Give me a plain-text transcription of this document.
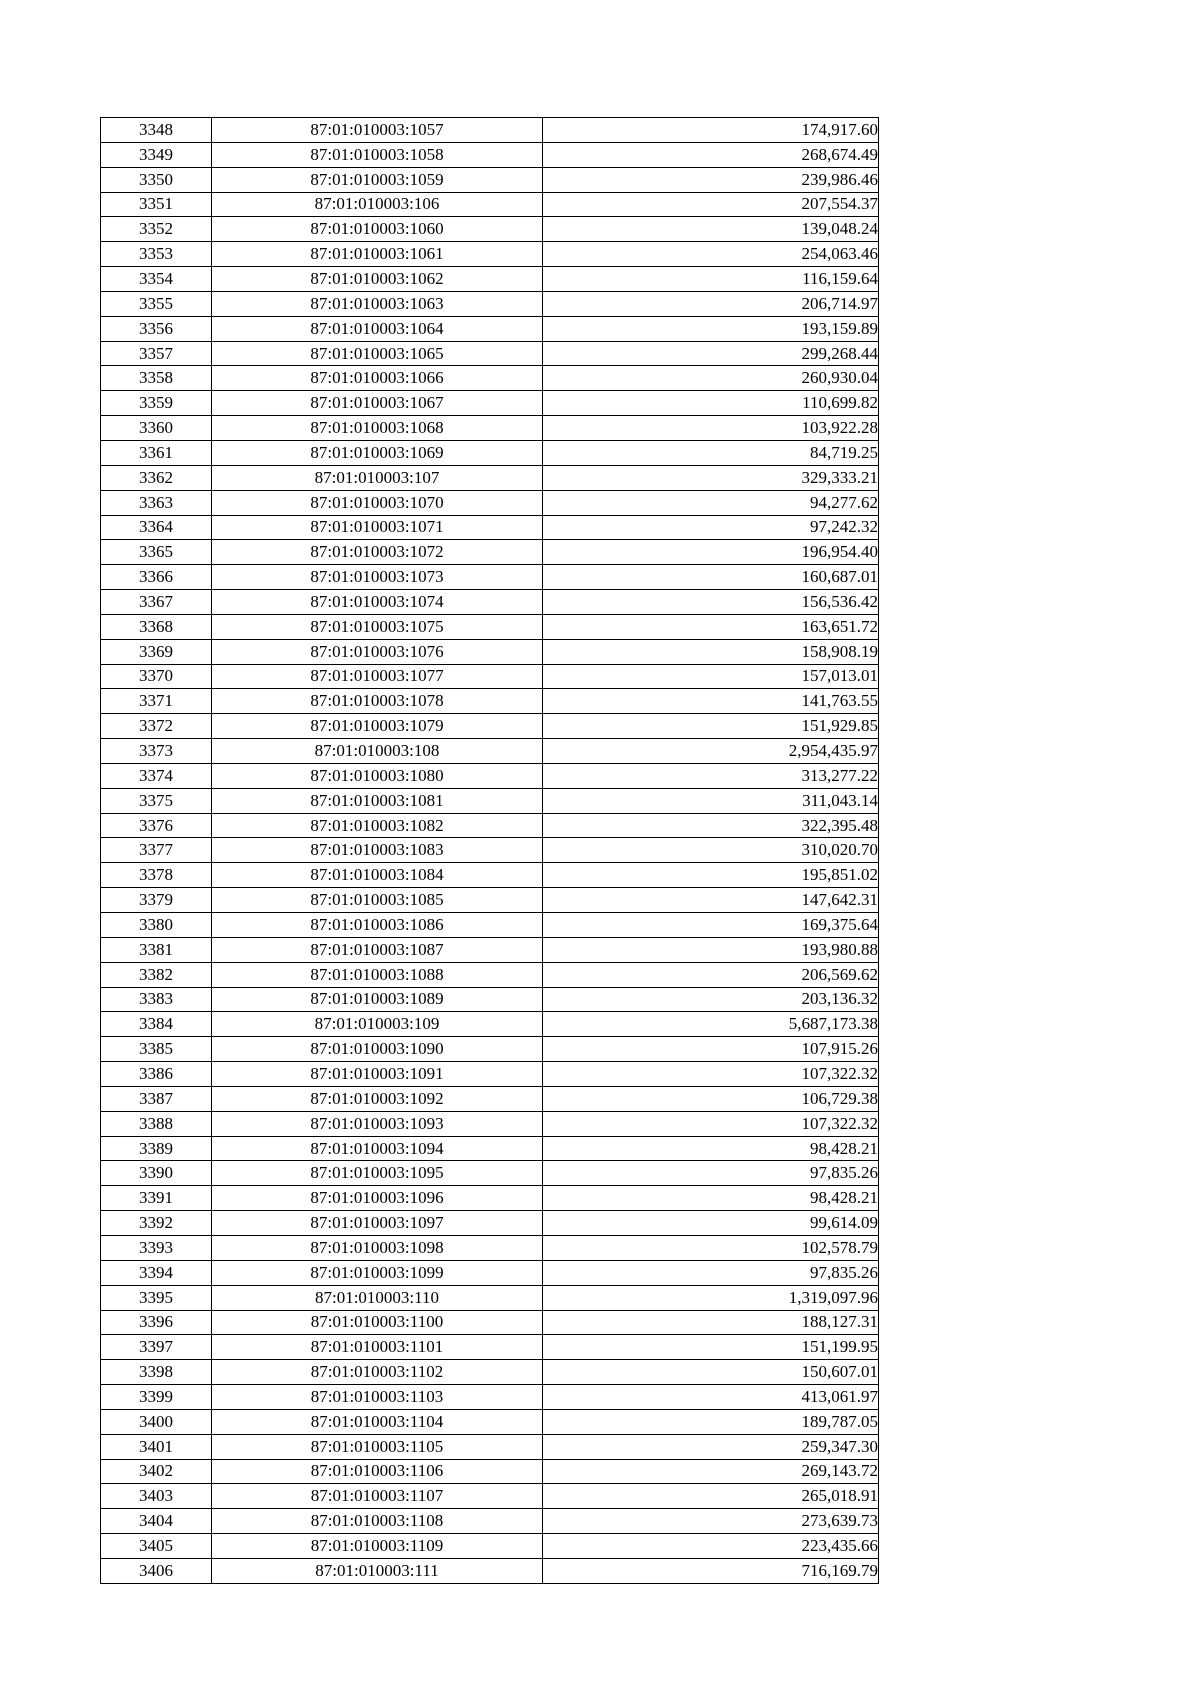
3348	87:01:010003:1057	174,917.60
3349	87:01:010003:1058	268,674.49
3350	87:01:010003:1059	239,986.46
3351	87:01:010003:106	207,554.37
3352	87:01:010003:1060	139,048.24
3353	87:01:010003:1061	254,063.46
3354	87:01:010003:1062	116,159.64
3355	87:01:010003:1063	206,714.97
3356	87:01:010003:1064	193,159.89
3357	87:01:010003:1065	299,268.44
3358	87:01:010003:1066	260,930.04
3359	87:01:010003:1067	110,699.82
3360	87:01:010003:1068	103,922.28
3361	87:01:010003:1069	84,719.25
3362	87:01:010003:107	329,333.21
3363	87:01:010003:1070	94,277.62
3364	87:01:010003:1071	97,242.32
3365	87:01:010003:1072	196,954.40
3366	87:01:010003:1073	160,687.01
3367	87:01:010003:1074	156,536.42
3368	87:01:010003:1075	163,651.72
3369	87:01:010003:1076	158,908.19
3370	87:01:010003:1077	157,013.01
3371	87:01:010003:1078	141,763.55
3372	87:01:010003:1079	151,929.85
3373	87:01:010003:108	2,954,435.97
3374	87:01:010003:1080	313,277.22
3375	87:01:010003:1081	311,043.14
3376	87:01:010003:1082	322,395.48
3377	87:01:010003:1083	310,020.70
3378	87:01:010003:1084	195,851.02
3379	87:01:010003:1085	147,642.31
3380	87:01:010003:1086	169,375.64
3381	87:01:010003:1087	193,980.88
3382	87:01:010003:1088	206,569.62
3383	87:01:010003:1089	203,136.32
3384	87:01:010003:109	5,687,173.38
3385	87:01:010003:1090	107,915.26
3386	87:01:010003:1091	107,322.32
3387	87:01:010003:1092	106,729.38
3388	87:01:010003:1093	107,322.32
3389	87:01:010003:1094	98,428.21
3390	87:01:010003:1095	97,835.26
3391	87:01:010003:1096	98,428.21
3392	87:01:010003:1097	99,614.09
3393	87:01:010003:1098	102,578.79
3394	87:01:010003:1099	97,835.26
3395	87:01:010003:110	1,319,097.96
3396	87:01:010003:1100	188,127.31
3397	87:01:010003:1101	151,199.95
3398	87:01:010003:1102	150,607.01
3399	87:01:010003:1103	413,061.97
3400	87:01:010003:1104	189,787.05
3401	87:01:010003:1105	259,347.30
3402	87:01:010003:1106	269,143.72
3403	87:01:010003:1107	265,018.91
3404	87:01:010003:1108	273,639.73
3405	87:01:010003:1109	223,435.66
3406	87:01:010003:111	716,169.79
